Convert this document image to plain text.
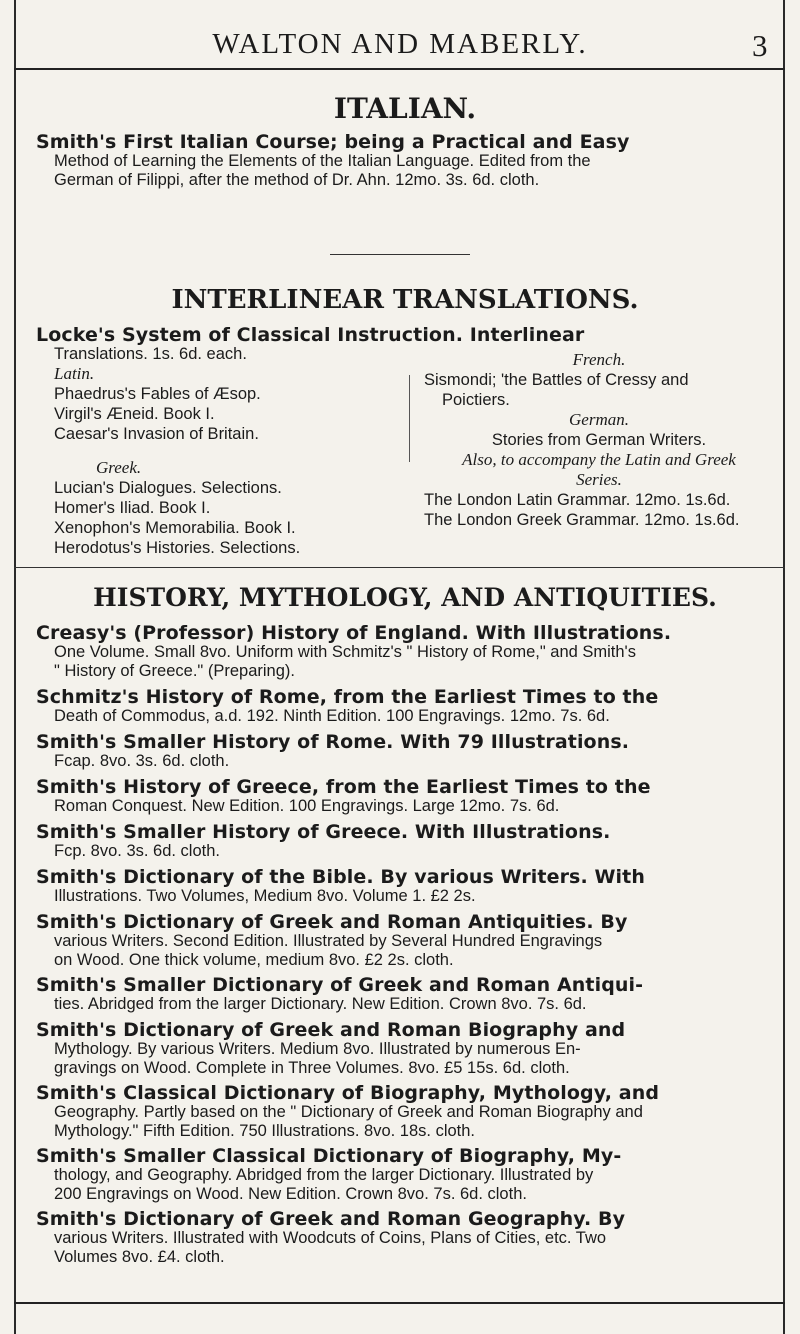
WALTON AND MABERLY.	3
ITALIAN.
Smith's First Italian Course; being a Practical and Easy
Method of Learning the Elements of the Italian Language. Edited from the
German of Filippi, after the method of Dr. Ahn. 12mo. 3s. 6d. cloth.
INTERLINEAR TRANSLATIONS.
Locke's System of Classical Instruction. Interlinear
Translations. 1s. 6d. each.
Latin.
Phaedrus's Fables of Æsop.
Virgil's Æneid. Book I.
Caesar's Invasion of Britain.
Greek.
Lucian's Dialogues. Selections.
Homer's Iliad. Book I.
Xenophon's Memorabilia. Book I.
Herodotus's Histories. Selections.
French.
Sismondi; 'the Battles of Cressy and
Poictiers.
German.
Stories from German Writers.
Also, to accompany the Latin and Greek
Series.
The London Latin Grammar. 12mo. 1s.6d.
The London Greek Grammar. 12mo. 1s.6d.
HISTORY, MYTHOLOGY, AND ANTIQUITIES.
Creasy's (Professor) History of England. With Illustrations.
One Volume. Small 8vo. Uniform with Schmitz's " History of Rome," and Smith's
" History of Greece." (Preparing).
Schmitz's History of Rome, from the Earliest Times to the
Death of Commodus, a.d. 192. Ninth Edition. 100 Engravings. 12mo. 7s. 6d.
Smith's Smaller History of Rome. With 79 Illustrations.
Fcap. 8vo. 3s. 6d. cloth.
Smith's History of Greece, from the Earliest Times to the
Roman Conquest. New Edition. 100 Engravings. Large 12mo. 7s. 6d.
Smith's Smaller History of Greece. With Illustrations.
Fcp. 8vo. 3s. 6d. cloth.
Smith's Dictionary of the Bible. By various Writers. With
Illustrations. Two Volumes, Medium 8vo. Volume 1. £2 2s.
Smith's Dictionary of Greek and Roman Antiquities. By
various Writers. Second Edition. Illustrated by Several Hundred Engravings
on Wood. One thick volume, medium 8vo. £2 2s. cloth.
Smith's Smaller Dictionary of Greek and Roman Antiqui-
ties. Abridged from the larger Dictionary. New Edition. Crown 8vo. 7s. 6d.
Smith's Dictionary of Greek and Roman Biography and
Mythology. By various Writers. Medium 8vo. Illustrated by numerous En-
gravings on Wood. Complete in Three Volumes. 8vo. £5 15s. 6d. cloth.
Smith's Classical Dictionary of Biography, Mythology, and
Geography. Partly based on the " Dictionary of Greek and Roman Biography and
Mythology." Fifth Edition. 750 Illustrations. 8vo. 18s. cloth.
Smith's Smaller Classical Dictionary of Biography, My-
thology, and Geography. Abridged from the larger Dictionary. Illustrated by
200 Engravings on Wood. New Edition. Crown 8vo. 7s. 6d. cloth.
Smith's Dictionary of Greek and Roman Geography. By
various Writers. Illustrated with Woodcuts of Coins, Plans of Cities, etc. Two
Volumes 8vo. £4. cloth.
